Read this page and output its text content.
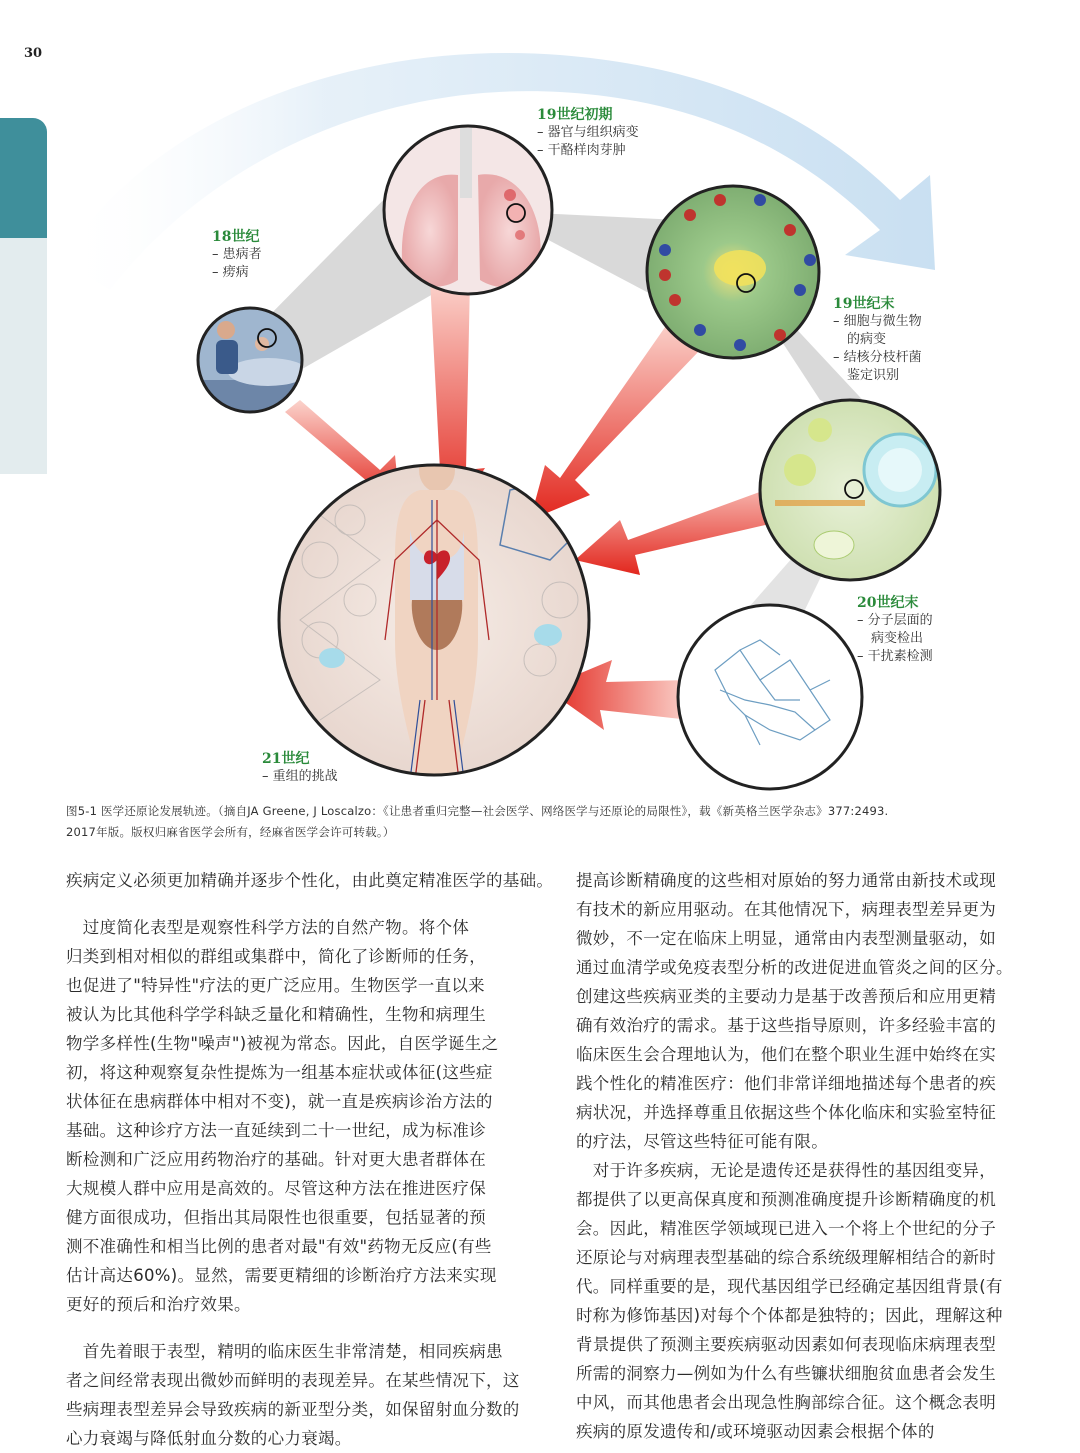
30
18世纪
– 患病者
– 痨病
19世纪初期
– 器官与组织病变
– 干酪样肉芽肿
19世纪末
– 细胞与微生物
的病变
– 结核分枝杆菌
鉴定识别
20世纪末
– 分子层面的
病变检出
– 干扰素检测
21世纪
– 重组的挑战
图5-1 医学还原论发展轨迹。（摘自JA Greene, J Loscalzo：《让患者重归完整—社会医学、网络医学与还原论的局限性》，载《新英格兰医学杂志》377:2493.
2017年版。版权归麻省医学会所有，经麻省医学会许可转载。）
疾病定义必须更加精确并逐步个性化，由此奠定精准医学的基础。
　过度简化表型是观察性科学方法的自然产物。将个体
归类到相对相似的群组或集群中，简化了诊断师的任务，
也促进了"特异性"疗法的更广泛应用。生物医学一直以来
被认为比其他科学学科缺乏量化和精确性，生物和病理生
物学多样性(生物"噪声")被视为常态。因此，自医学诞生之
初，将这种观察复杂性提炼为一组基本症状或体征(这些症
状体征在患病群体中相对不变)，就一直是疾病诊治方法的
基础。这种诊疗方法一直延续到二十一世纪，成为标准诊
断检测和广泛应用药物治疗的基础。针对更大患者群体在
大规模人群中应用是高效的。尽管这种方法在推进医疗保
健方面很成功，但指出其局限性也很重要，包括显著的预
测不准确性和相当比例的患者对最"有效"药物无反应(有些
估计高达60%)。显然，需要更精细的诊断治疗方法来实现
更好的预后和治疗效果。
　首先着眼于表型，精明的临床医生非常清楚，相同疾病患
者之间经常表现出微妙而鲜明的表现差异。在某些情况下，这
些病理表型差异会导致疾病的新亚型分类，如保留射血分数的
心力衰竭与降低射血分数的心力衰竭。
提高诊断精确度的这些相对原始的努力通常由新技术或现
有技术的新应用驱动。在其他情况下，病理表型差异更为
微妙，不一定在临床上明显，通常由内表型测量驱动，如
通过血清学或免疫表型分析的改进促进血管炎之间的区分。
创建这些疾病亚类的主要动力是基于改善预后和应用更精
确有效治疗的需求。基于这些指导原则，许多经验丰富的
临床医生会合理地认为，他们在整个职业生涯中始终在实
践个性化的精准医疗：他们非常详细地描述每个患者的疾
病状况，并选择尊重且依据这些个体化临床和实验室特征
的疗法，尽管这些特征可能有限。
　对于许多疾病，无论是遗传还是获得性的基因组变异，
都提供了以更高保真度和预测准确度提升诊断精确度的机
会。因此，精准医学领域现已进入一个将上个世纪的分子
还原论与对病理表型基础的综合系统级理解相结合的新时
代。同样重要的是，现代基因组学已经确定基因组背景(有
时称为修饰基因)对每个个体都是独特的；因此，理解这种
背景提供了预测主要疾病驱动因素如何表现临床病理表型
所需的洞察力—例如为什么有些镰状细胞贫血患者会发生
中风，而其他患者会出现急性胸部综合征。这个概念表明
疾病的原发遗传和/或环境驱动因素会根据个体的
